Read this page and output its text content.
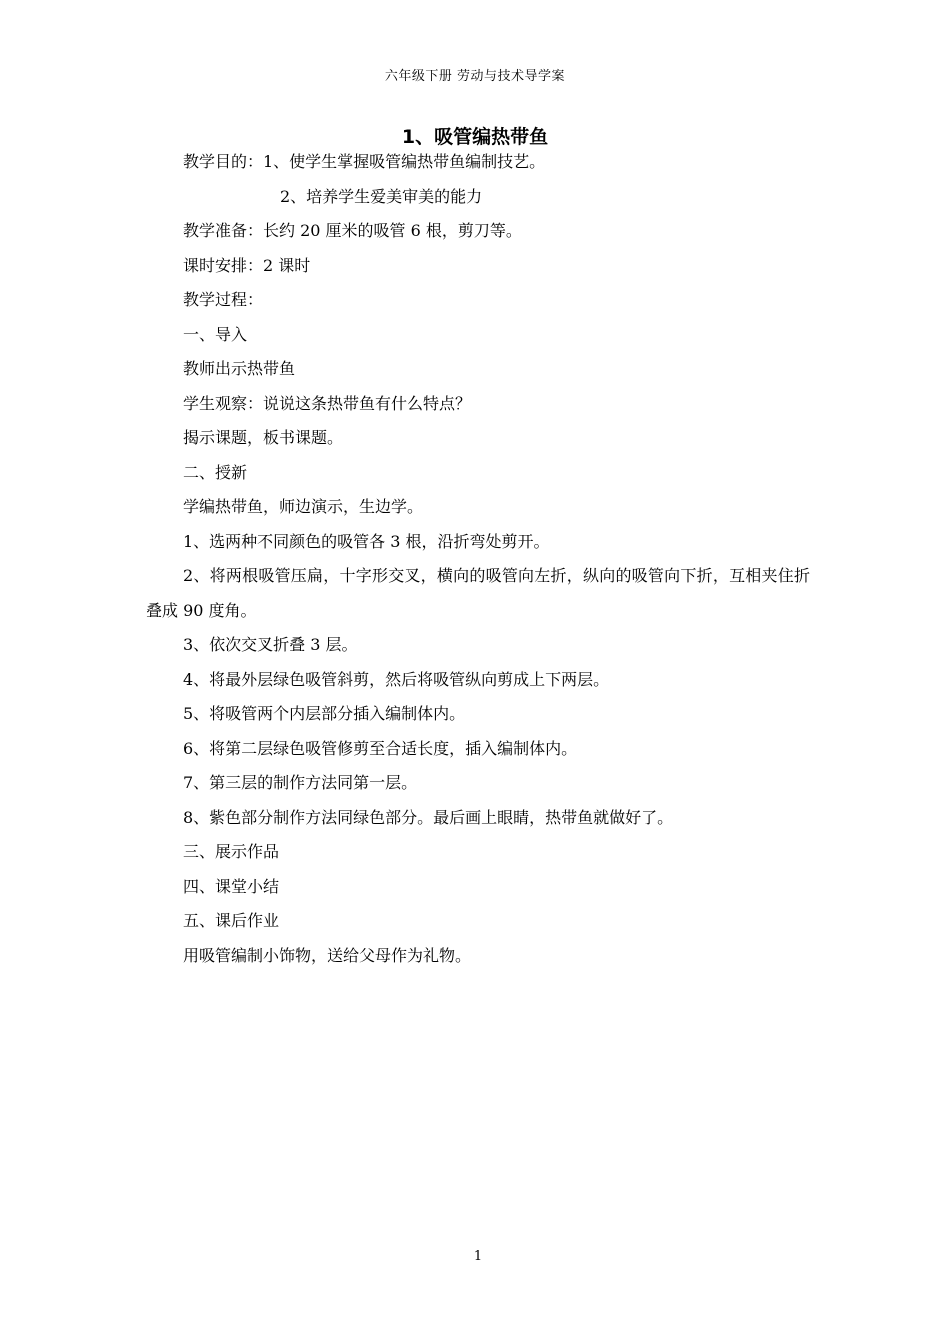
六年级下册 劳动与技术导学案
1、吸管编热带鱼

教学目的：1、使学生掌握吸管编热带鱼编制技艺。

2、培养学生爱美审美的能力

教学准备：长约 20 厘米的吸管 6 根，剪刀等。

课时安排：2 课时

教学过程：

一、导入

教师出示热带鱼

学生观察：说说这条热带鱼有什么特点？

揭示课题，板书课题。

二、授新

学编热带鱼，师边演示，生边学。

1、选两种不同颜色的吸管各 3 根，沿折弯处剪开。

2、将两根吸管压扁，十字形交叉，横向的吸管向左折，纵向的吸管向下折，互相夹住折叠成 90 度角。

3、依次交叉折叠 3 层。

4、将最外层绿色吸管斜剪，然后将吸管纵向剪成上下两层。

5、将吸管两个内层部分插入编制体内。

6、将第二层绿色吸管修剪至合适长度，插入编制体内。

7、第三层的制作方法同第一层。

8、紫色部分制作方法同绿色部分。最后画上眼睛，热带鱼就做好了。

三、展示作品

四、课堂小结

五、课后作业

用吸管编制小饰物，送给父母作为礼物。

1
